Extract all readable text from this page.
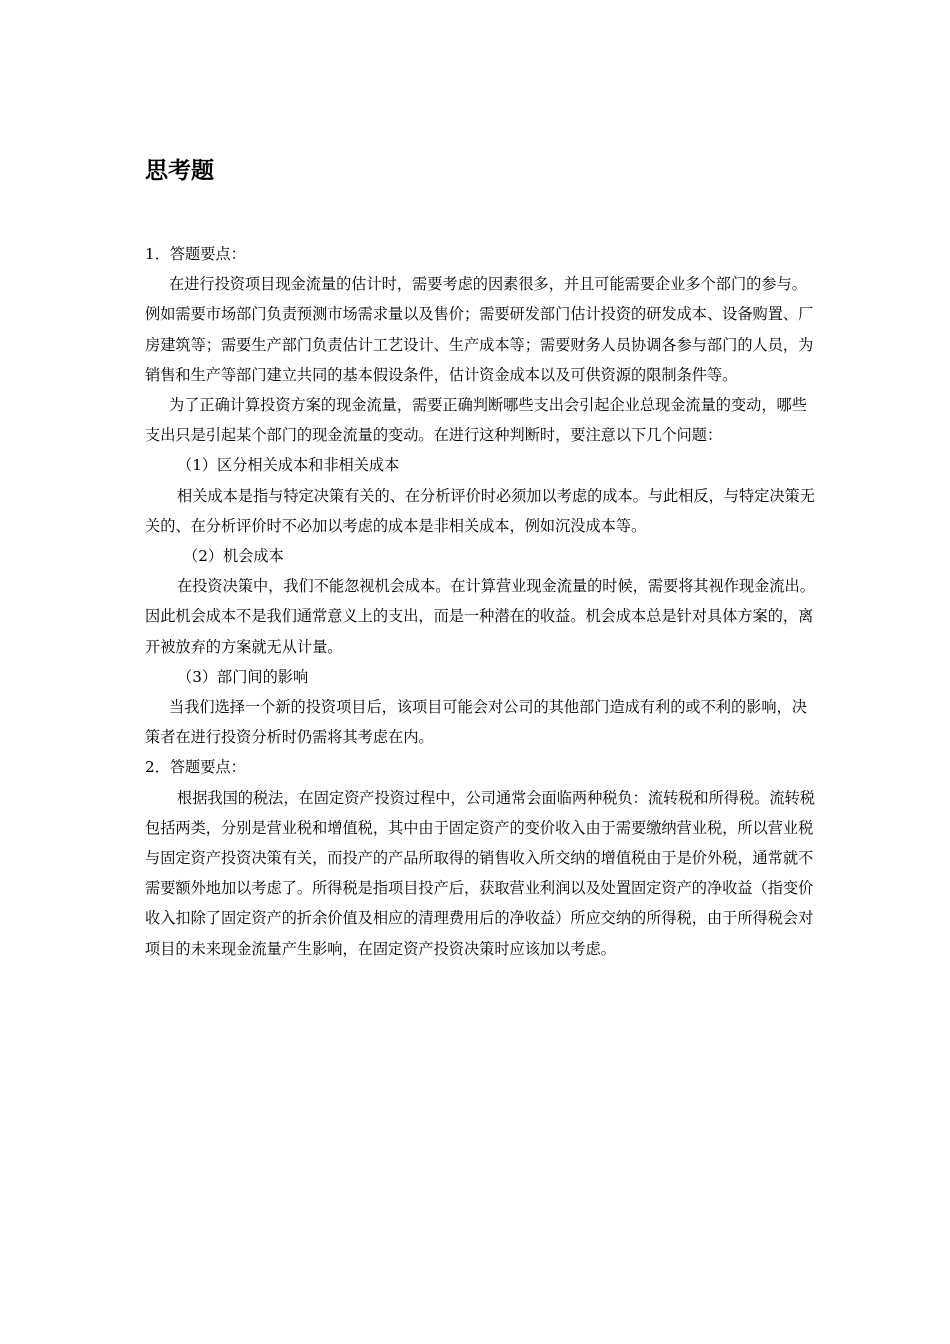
思考题

1．答题要点：

在进行投资项目现金流量的估计时，需要考虑的因素很多，并且可能需要企业多个部门的参与。例如需要市场部门负责预测市场需求量以及售价；需要研发部门估计投资的研发成本、设备购置、厂房建筑等；需要生产部门负责估计工艺设计、生产成本等；需要财务人员协调各参与部门的人员，为销售和生产等部门建立共同的基本假设条件，估计资金成本以及可供资源的限制条件等。

为了正确计算投资方案的现金流量，需要正确判断哪些支出会引起企业总现金流量的变动，哪些支出只是引起某个部门的现金流量的变动。在进行这种判断时，要注意以下几个问题：

（1）区分相关成本和非相关成本

相关成本是指与特定决策有关的、在分析评价时必须加以考虑的成本。与此相反，与特定决策无关的、在分析评价时不必加以考虑的成本是非相关成本，例如沉没成本等。

（2）机会成本

在投资决策中，我们不能忽视机会成本。在计算营业现金流量的时候，需要将其视作现金流出。因此机会成本不是我们通常意义上的支出，而是一种潜在的收益。机会成本总是针对具体方案的，离开被放弃的方案就无从计量。

（3）部门间的影响

当我们选择一个新的投资项目后，该项目可能会对公司的其他部门造成有利的或不利的影响，决策者在进行投资分析时仍需将其考虑在内。

2．答题要点：

根据我国的税法，在固定资产投资过程中，公司通常会面临两种税负：流转税和所得税。流转税包括两类，分别是营业税和增值税，其中由于固定资产的变价收入由于需要缴纳营业税，所以营业税与固定资产投资决策有关，而投产的产品所取得的销售收入所交纳的增值税由于是价外税，通常就不需要额外地加以考虑了。所得税是指项目投产后，获取营业利润以及处置固定资产的净收益（指变价收入扣除了固定资产的折余价值及相应的清理费用后的净收益）所应交纳的所得税，由于所得税会对项目的未来现金流量产生影响，在固定资产投资决策时应该加以考虑。
